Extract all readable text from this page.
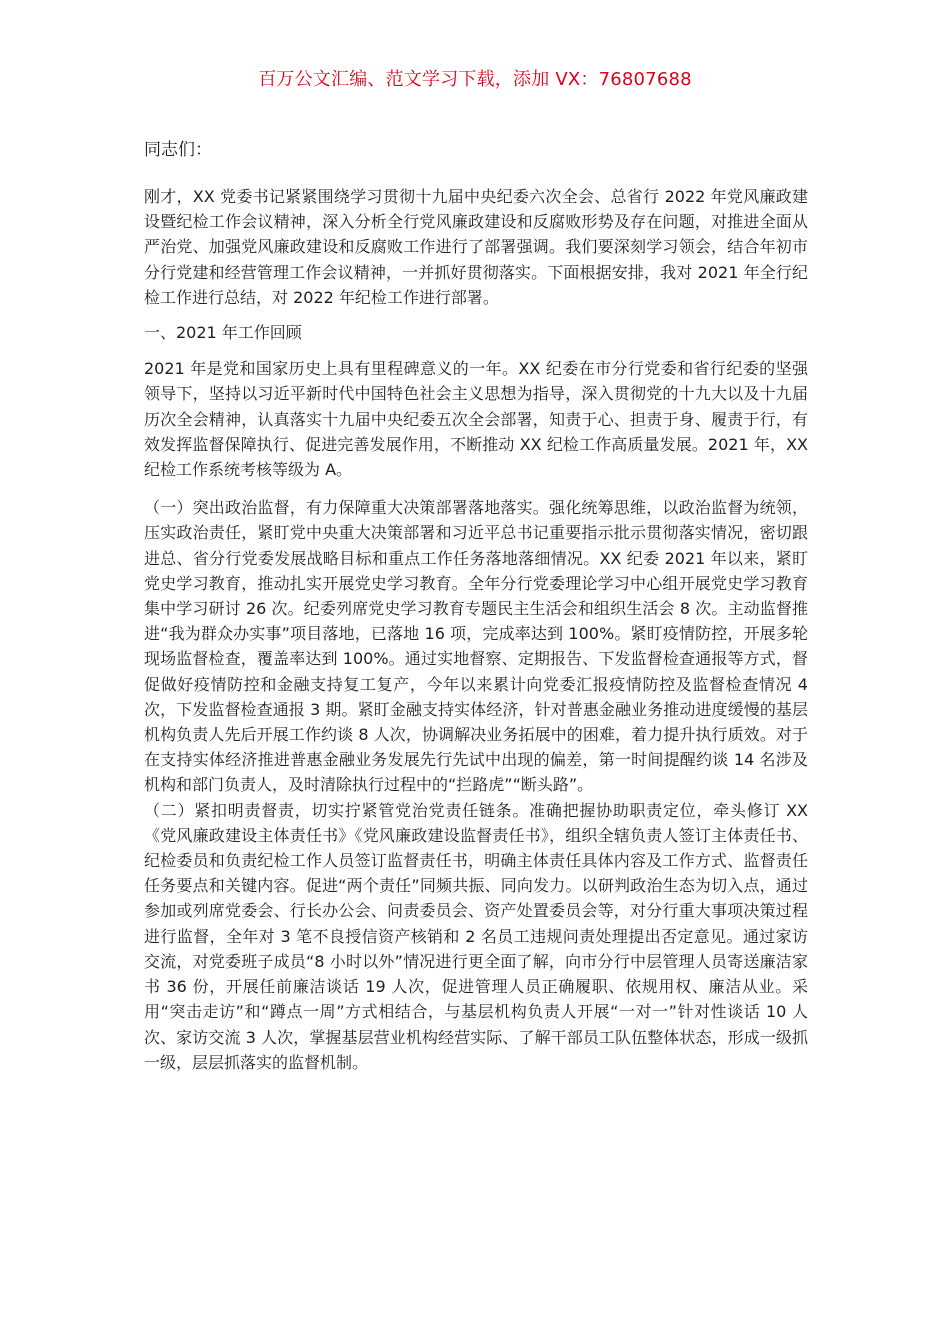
百万公文汇编、范文学习下载，添加 VX：76807688

同志们：

刚才，XX 党委书记紧紧围绕学习贯彻十九届中央纪委六次全会、总省行 2022 年党风廉政建设暨纪检工作会议精神，深入分析全行党风廉政建设和反腐败形势及存在问题，对推进全面从严治党、加强党风廉政建设和反腐败工作进行了部署强调。我们要深刻学习领会，结合年初市分行党建和经营管理工作会议精神，一并抓好贯彻落实。下面根据安排，我对 2021 年全行纪检工作进行总结，对 2022 年纪检工作进行部署。

一、2021 年工作回顾

2021 年是党和国家历史上具有里程碑意义的一年。XX 纪委在市分行党委和省行纪委的坚强领导下，坚持以习近平新时代中国特色社会主义思想为指导，深入贯彻党的十九大以及十九届历次全会精神，认真落实十九届中央纪委五次全会部署，知责于心、担责于身、履责于行，有效发挥监督保障执行、促进完善发展作用，不断推动 XX 纪检工作高质量发展。2021 年，XX 纪检工作系统考核等级为 A。

（一）突出政治监督，有力保障重大决策部署落地落实。强化统筹思维，以政治监督为统领，压实政治责任，紧盯党中央重大决策部署和习近平总书记重要指示批示贯彻落实情况，密切跟进总、省分行党委发展战略目标和重点工作任务落地落细情况。XX 纪委 2021 年以来，紧盯党史学习教育，推动扎实开展党史学习教育。全年分行党委理论学习中心组开展党史学习教育集中学习研讨 26 次。纪委列席党史学习教育专题民主生活会和组织生活会 8 次。主动监督推进“我为群众办实事”项目落地，已落地 16 项，完成率达到 100%。紧盯疫情防控，开展多轮现场监督检查，覆盖率达到 100%。通过实地督察、定期报告、下发监督检查通报等方式，督促做好疫情防控和金融支持复工复产，今年以来累计向党委汇报疫情防控及监督检查情况 4 次，下发监督检查通报 3 期。紧盯金融支持实体经济，针对普惠金融业务推动进度缓慢的基层机构负责人先后开展工作约谈 8 人次，协调解决业务拓展中的困难，着力提升执行质效。对于在支持实体经济推进普惠金融业务发展先行先试中出现的偏差，第一时间提醒约谈 14 名涉及机构和部门负责人，及时清除执行过程中的“拦路虎”“断头路”。

（二）紧扣明责督责，切实拧紧管党治党责任链条。准确把握协助职责定位，牵头修订 XX《党风廉政建设主体责任书》《党风廉政建设监督责任书》，组织全辖负责人签订主体责任书、纪检委员和负责纪检工作人员签订监督责任书，明确主体责任具体内容及工作方式、监督责任任务要点和关键内容。促进“两个责任”同频共振、同向发力。以研判政治生态为切入点，通过参加或列席党委会、行长办公会、问责委员会、资产处置委员会等，对分行重大事项决策过程进行监督，全年对 3 笔不良授信资产核销和 2 名员工违规问责处理提出否定意见。通过家访交流，对党委班子成员“8 小时以外”情况进行更全面了解，向市分行中层管理人员寄送廉洁家书 36 份，开展任前廉洁谈话 19 人次，促进管理人员正确履职、依规用权、廉洁从业。采用“突击走访”和“蹲点一周”方式相结合，与基层机构负责人开展“一对一”针对性谈话 10 人次、家访交流 3 人次，掌握基层营业机构经营实际、了解干部员工队伍整体状态，形成一级抓一级，层层抓落实的监督机制。
